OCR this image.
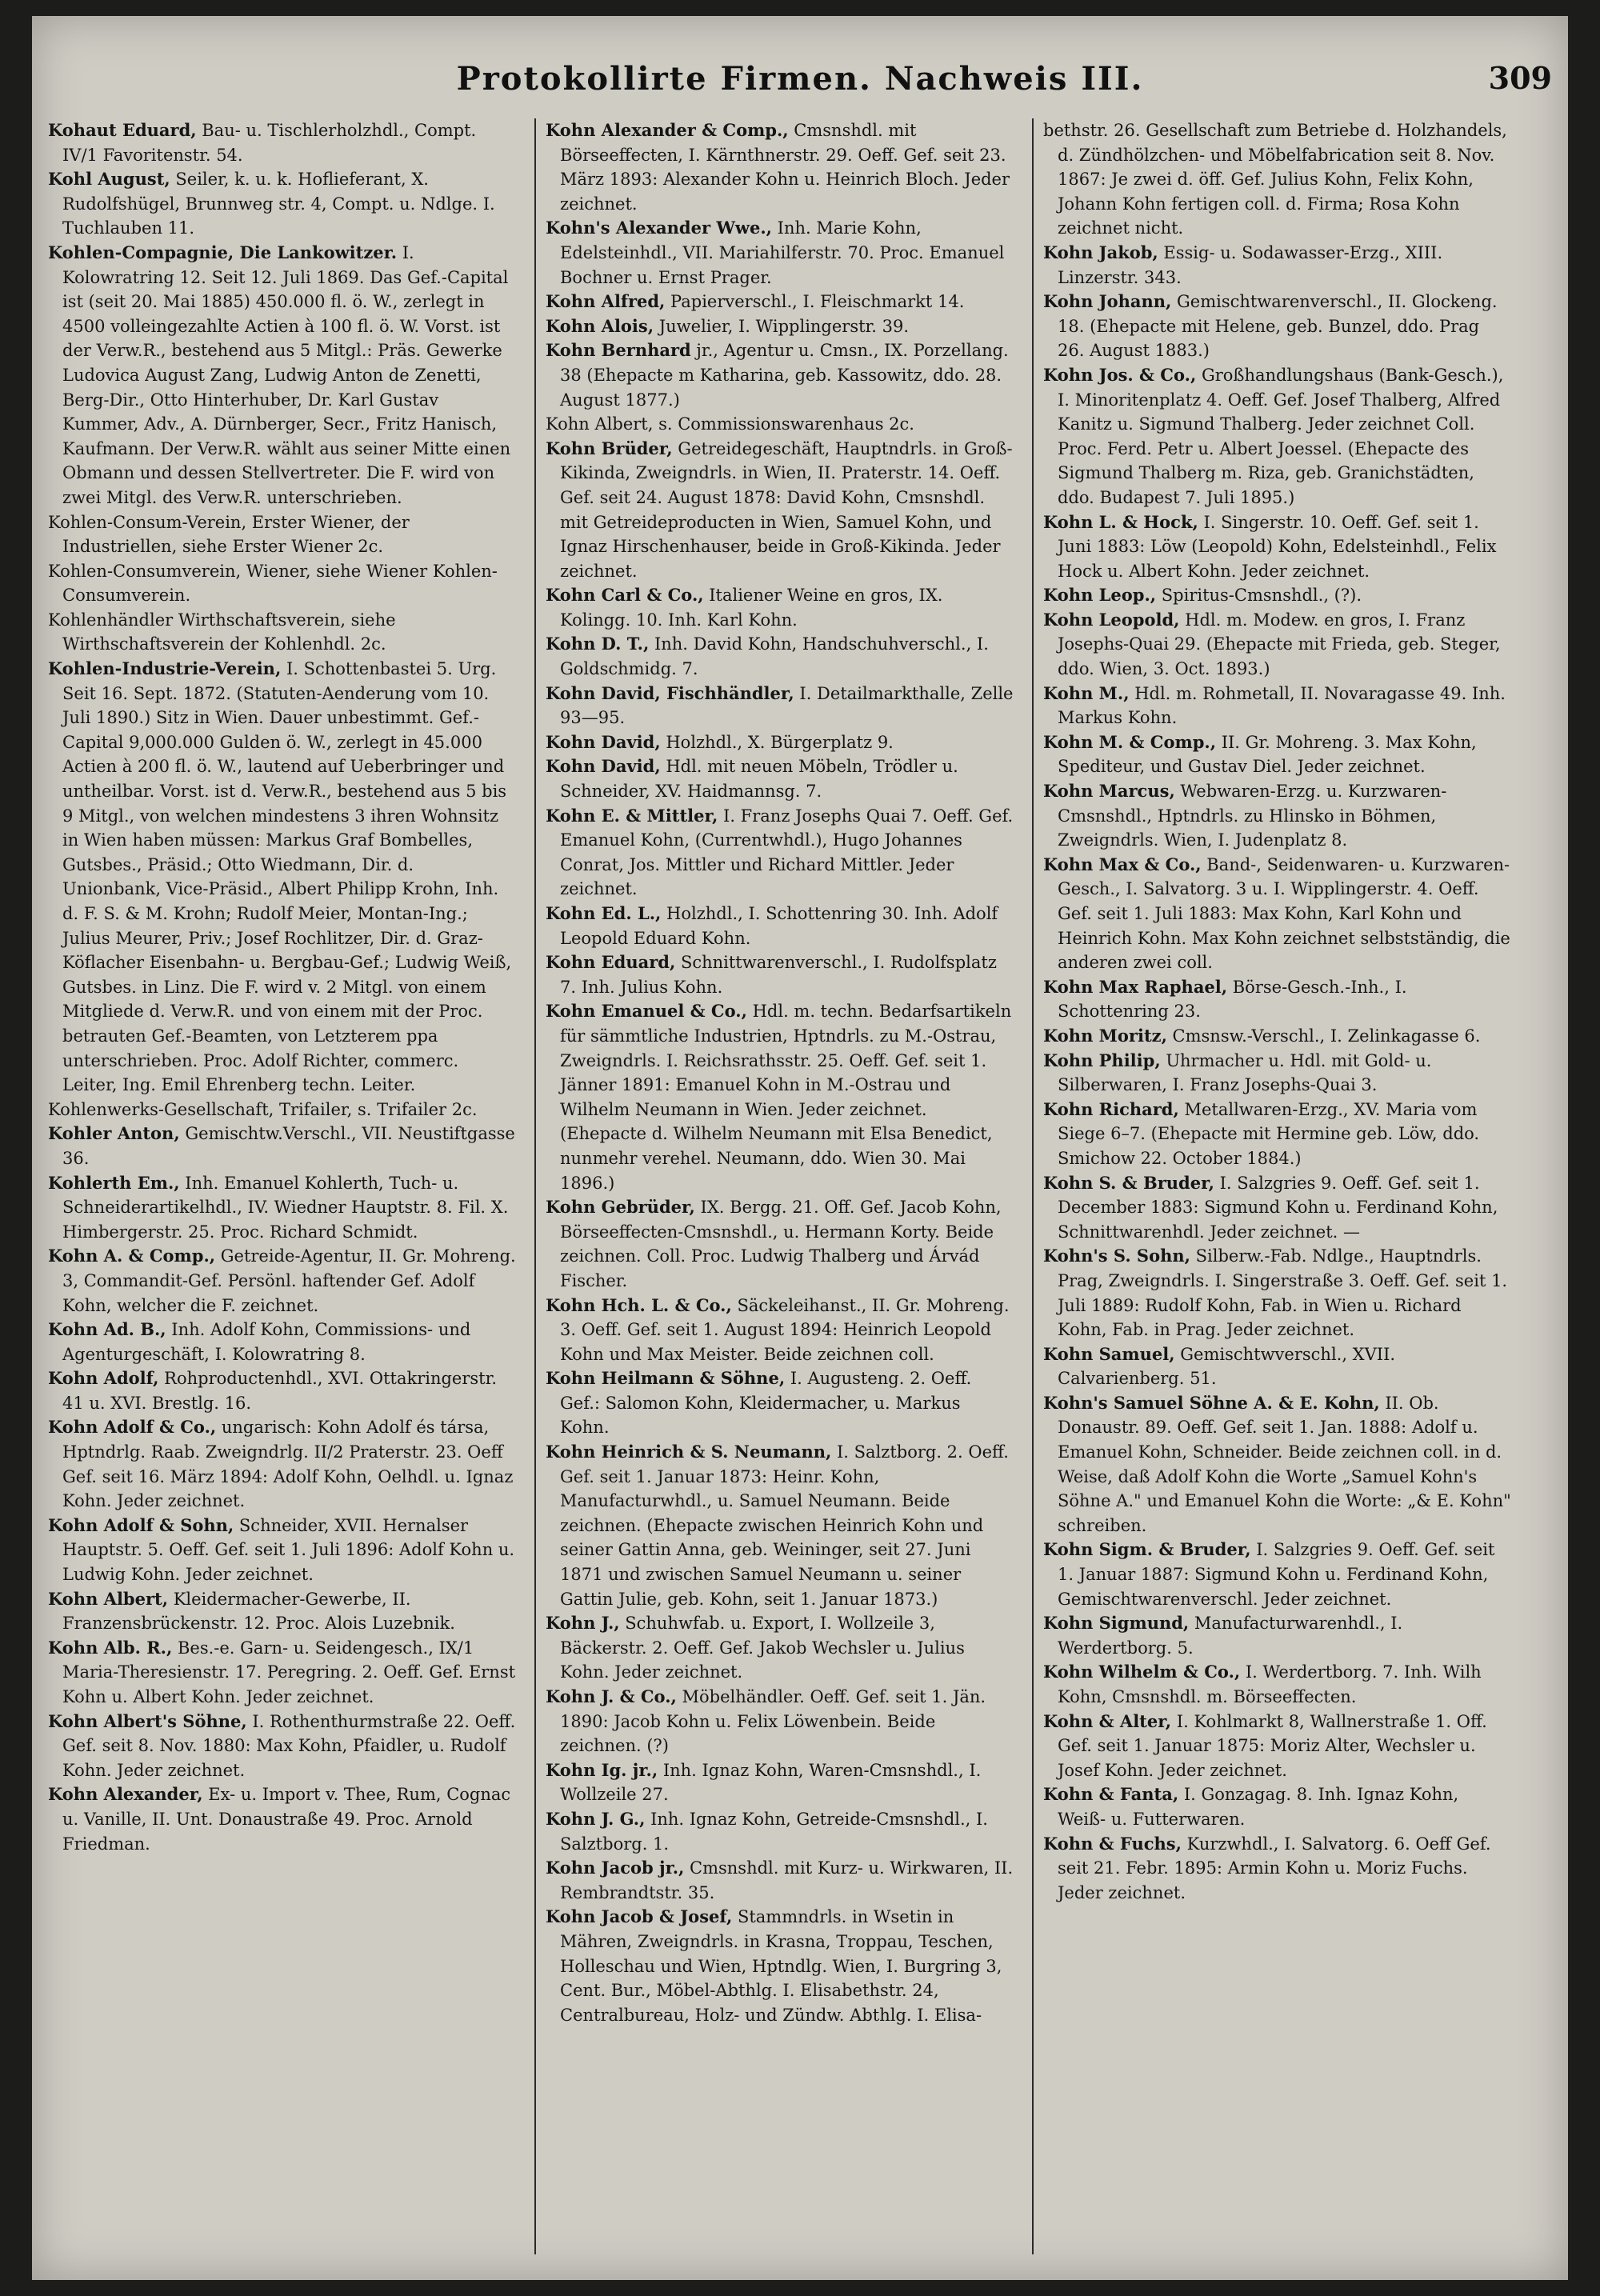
Protokollirte Firmen. Nachweis III.	309
Kohaut Eduard, Bau- u. Tischlerholzhdl., Compt. IV/1 Favoritenstr. 54.
Kohl August, Seiler, k. u. k. Hoflieferant, X. Rudolfshügel, Brunnweg str. 4, Compt. u. Ndlge. I. Tuchlauben 11.
Kohlen-Compagnie, Die Lankowitzer. I. Kolowratring 12. Seit 12. Juli 1869. Das Gef.-Capital ist (seit 20. Mai 1885) 450.000 fl. ö. W., zerlegt in 4500 volleingezahlte Actien à 100 fl. ö. W. Vorst. ist der Verw.R., bestehend aus 5 Mitgl.: Präs. Gewerke Ludovica August Zang, Ludwig Anton de Zenetti, Berg-Dir., Otto Hinterhuber, Dr. Karl Gustav Kummer, Adv., A. Dürnberger, Secr., Fritz Hanisch, Kaufmann. Der Verw.R. wählt aus seiner Mitte einen Obmann und dessen Stellvertreter. Die F. wird von zwei Mitgl. des Verw.R. unterschrieben.
Kohlen-Consum-Verein, Erster Wiener, der Industriellen, siehe Erster Wiener 2c.
Kohlen-Consumverein, Wiener, siehe Wiener Kohlen-Consumverein.
Kohlenhändler Wirthschaftsverein, siehe Wirthschaftsverein der Kohlenhdl. 2c.
Kohlen-Industrie-Verein, I. Schottenbastei 5. Urg. Seit 16. Sept. 1872. (Statuten-Aenderung vom 10. Juli 1890.) Sitz in Wien. Dauer unbestimmt. Gef.-Capital 9,000.000 Gulden ö. W., zerlegt in 45.000 Actien à 200 fl. ö. W., lautend auf Ueberbringer und untheilbar. Vorst. ist d. Verw.R., bestehend aus 5 bis 9 Mitgl., von welchen mindestens 3 ihren Wohnsitz in Wien haben müssen: Markus Graf Bombelles, Gutsbes., Präsid.; Otto Wiedmann, Dir. d. Unionbank, Vice-Präsid., Albert Philipp Krohn, Inh. d. F. S. & M. Krohn; Rudolf Meier, Montan-Ing.; Julius Meurer, Priv.; Josef Rochlitzer, Dir. d. Graz-Köflacher Eisenbahn- u. Bergbau-Gef.; Ludwig Weiß, Gutsbes. in Linz. Die F. wird v. 2 Mitgl. von einem Mitgliede d. Verw.R. und von einem mit der Proc. betrauten Gef.-Beamten, von Letzterem ppa unterschrieben. Proc. Adolf Richter, commerc. Leiter, Ing. Emil Ehrenberg techn. Leiter.
Kohlenwerks-Gesellschaft, Trifailer, s. Trifailer 2c.
Kohler Anton, Gemischtw.Verschl., VII. Neustiftgasse 36.
Kohlerth Em., Inh. Emanuel Kohlerth, Tuch- u. Schneiderartikelhdl., IV. Wiedner Hauptstr. 8. Fil. X. Himbergerstr. 25. Proc. Richard Schmidt.
Kohn A. & Comp., Getreide-Agentur, II. Gr. Mohreng. 3, Commandit-Gef. Persönl. haftender Gef. Adolf Kohn, welcher die F. zeichnet.
Kohn Ad. B., Inh. Adolf Kohn, Commissions- und Agenturgeschäft, I. Kolowratring 8.
Kohn Adolf, Rohproductenhdl., XVI. Ottakringerstr. 41 u. XVI. Brestlg. 16.
Kohn Adolf & Co., ungarisch: Kohn Adolf és társa, Hptndrlg. Raab. Zweigndrlg. II/2 Praterstr. 23. Oeff Gef. seit 16. März 1894: Adolf Kohn, Oelhdl. u. Ignaz Kohn. Jeder zeichnet.
Kohn Adolf & Sohn, Schneider, XVII. Hernalser Hauptstr. 5. Oeff. Gef. seit 1. Juli 1896: Adolf Kohn u. Ludwig Kohn. Jeder zeichnet.
Kohn Albert, Kleidermacher-Gewerbe, II. Franzensbrückenstr. 12. Proc. Alois Luzebnik.
Kohn Alb. R., Bes.-e. Garn- u. Seidengesch., IX/1 Maria-Theresienstr. 17. Peregring. 2. Oeff. Gef. Ernst Kohn u. Albert Kohn. Jeder zeichnet.
Kohn Albert's Söhne, I. Rothenthurmstraße 22. Oeff. Gef. seit 8. Nov. 1880: Max Kohn, Pfaidler, u. Rudolf Kohn. Jeder zeichnet.
Kohn Alexander, Ex- u. Import v. Thee, Rum, Cognac u. Vanille, II. Unt. Donaustraße 49. Proc. Arnold Friedman.
Kohn Alexander & Comp., Cmsnshdl. mit Börseeffecten, I. Kärnthnerstr. 29. Oeff. Gef. seit 23. März 1893: Alexander Kohn u. Heinrich Bloch. Jeder zeichnet.
Kohn's Alexander Wwe., Inh. Marie Kohn, Edelsteinhdl., VII. Mariahilferstr. 70. Proc. Emanuel Bochner u. Ernst Prager.
Kohn Alfred, Papierverschl., I. Fleischmarkt 14.
Kohn Alois, Juwelier, I. Wipplingerstr. 39.
Kohn Bernhard jr., Agentur u. Cmsn., IX. Porzellang. 38 (Ehepacte m Katharina, geb. Kassowitz, ddo. 28. August 1877.)
Kohn Albert, s. Commissionswarenhaus 2c.
Kohn Brüder, Getreidegeschäft, Hauptndrls. in Groß-Kikinda, Zweigndrls. in Wien, II. Praterstr. 14. Oeff. Gef. seit 24. August 1878: David Kohn, Cmsnshdl. mit Getreideproducten in Wien, Samuel Kohn, und Ignaz Hirschenhauser, beide in Groß-Kikinda. Jeder zeichnet.
Kohn Carl & Co., Italiener Weine en gros, IX. Kolingg. 10. Inh. Karl Kohn.
Kohn D. T., Inh. David Kohn, Handschuhverschl., I. Goldschmidg. 7.
Kohn David, Fischhändler, I. Detailmarkthalle, Zelle 93—95.
Kohn David, Holzhdl., X. Bürgerplatz 9.
Kohn David, Hdl. mit neuen Möbeln, Trödler u. Schneider, XV. Haidmannsg. 7.
Kohn E. & Mittler, I. Franz Josephs Quai 7. Oeff. Gef. Emanuel Kohn, (Currentwhdl.), Hugo Johannes Conrat, Jos. Mittler und Richard Mittler. Jeder zeichnet.
Kohn Ed. L., Holzhdl., I. Schottenring 30. Inh. Adolf Leopold Eduard Kohn.
Kohn Eduard, Schnittwarenverschl., I. Rudolfsplatz 7. Inh. Julius Kohn.
Kohn Emanuel & Co., Hdl. m. techn. Bedarfsartikeln für sämmtliche Industrien, Hptndrls. zu M.-Ostrau, Zweigndrls. I. Reichsrathsstr. 25. Oeff. Gef. seit 1. Jänner 1891: Emanuel Kohn in M.-Ostrau und Wilhelm Neumann in Wien. Jeder zeichnet. (Ehepacte d. Wilhelm Neumann mit Elsa Benedict, nunmehr verehel. Neumann, ddo. Wien 30. Mai 1896.)
Kohn Gebrüder, IX. Bergg. 21. Off. Gef. Jacob Kohn, Börseeffecten-Cmsnshdl., u. Hermann Korty. Beide zeichnen. Coll. Proc. Ludwig Thalberg und Árvád Fischer.
Kohn Hch. L. & Co., Säckeleihanst., II. Gr. Mohreng. 3. Oeff. Gef. seit 1. August 1894: Heinrich Leopold Kohn und Max Meister. Beide zeichnen coll.
Kohn Heilmann & Söhne, I. Augusteng. 2. Oeff. Gef.: Salomon Kohn, Kleidermacher, u. Markus Kohn.
Kohn Heinrich & S. Neumann, I. Salztborg. 2. Oeff. Gef. seit 1. Januar 1873: Heinr. Kohn, Manufacturwhdl., u. Samuel Neumann. Beide zeichnen. (Ehepacte zwischen Heinrich Kohn und seiner Gattin Anna, geb. Weininger, seit 27. Juni 1871 und zwischen Samuel Neumann u. seiner Gattin Julie, geb. Kohn, seit 1. Januar 1873.)
Kohn J., Schuhwfab. u. Export, I. Wollzeile 3, Bäckerstr. 2. Oeff. Gef. Jakob Wechsler u. Julius Kohn. Jeder zeichnet.
Kohn J. & Co., Möbelhändler. Oeff. Gef. seit 1. Jän. 1890: Jacob Kohn u. Felix Löwenbein. Beide zeichnen. (?)
Kohn Ig. jr., Inh. Ignaz Kohn, Waren-Cmsnshdl., I. Wollzeile 27.
Kohn J. G., Inh. Ignaz Kohn, Getreide-Cmsnshdl., I. Salztborg. 1.
Kohn Jacob jr., Cmsnshdl. mit Kurz- u. Wirkwaren, II. Rembrandtstr. 35.
Kohn Jacob & Josef, Stammndrls. in Wsetin in Mähren, Zweigndrls. in Krasna, Troppau, Teschen, Holleschau und Wien, Hptndlg. Wien, I. Burgring 3, Cent. Bur., Möbel-Abthlg. I. Elisabethstr. 24, Centralbureau, Holz- und Zündw. Abthlg. I. Elisa-
bethstr. 26. Gesellschaft zum Betriebe d. Holzhandels, d. Zündhölzchen- und Möbelfabrication seit 8. Nov. 1867: Je zwei d. öff. Gef. Julius Kohn, Felix Kohn, Johann Kohn fertigen coll. d. Firma; Rosa Kohn zeichnet nicht.
Kohn Jakob, Essig- u. Sodawasser-Erzg., XIII. Linzerstr. 343.
Kohn Johann, Gemischtwarenverschl., II. Glockeng. 18. (Ehepacte mit Helene, geb. Bunzel, ddo. Prag 26. August 1883.)
Kohn Jos. & Co., Großhandlungshaus (Bank-Gesch.), I. Minoritenplatz 4. Oeff. Gef. Josef Thalberg, Alfred Kanitz u. Sigmund Thalberg. Jeder zeichnet Coll. Proc. Ferd. Petr u. Albert Joessel. (Ehepacte des Sigmund Thalberg m. Riza, geb. Granichstädten, ddo. Budapest 7. Juli 1895.)
Kohn L. & Hock, I. Singerstr. 10. Oeff. Gef. seit 1. Juni 1883: Löw (Leopold) Kohn, Edelsteinhdl., Felix Hock u. Albert Kohn. Jeder zeichnet.
Kohn Leop., Spiritus-Cmsnshdl., (?).
Kohn Leopold, Hdl. m. Modew. en gros, I. Franz Josephs-Quai 29. (Ehepacte mit Frieda, geb. Steger, ddo. Wien, 3. Oct. 1893.)
Kohn M., Hdl. m. Rohmetall, II. Novaragasse 49. Inh. Markus Kohn.
Kohn M. & Comp., II. Gr. Mohreng. 3. Max Kohn, Spediteur, und Gustav Diel. Jeder zeichnet.
Kohn Marcus, Webwaren-Erzg. u. Kurzwaren-Cmsnshdl., Hptndrls. zu Hlinsko in Böhmen, Zweigndrls. Wien, I. Judenplatz 8.
Kohn Max & Co., Band-, Seidenwaren- u. Kurzwaren-Gesch., I. Salvatorg. 3 u. I. Wipplingerstr. 4. Oeff. Gef. seit 1. Juli 1883: Max Kohn, Karl Kohn und Heinrich Kohn. Max Kohn zeichnet selbstständig, die anderen zwei coll.
Kohn Max Raphael, Börse-Gesch.-Inh., I. Schottenring 23.
Kohn Moritz, Cmsnsw.-Verschl., I. Zelinkagasse 6.
Kohn Philip, Uhrmacher u. Hdl. mit Gold- u. Silberwaren, I. Franz Josephs-Quai 3.
Kohn Richard, Metallwaren-Erzg., XV. Maria vom Siege 6–7. (Ehepacte mit Hermine geb. Löw, ddo. Smichow 22. October 1884.)
Kohn S. & Bruder, I. Salzgries 9. Oeff. Gef. seit 1. December 1883: Sigmund Kohn u. Ferdinand Kohn, Schnittwarenhdl. Jeder zeichnet. —
Kohn's S. Sohn, Silberw.-Fab. Ndlge., Hauptndrls. Prag, Zweigndrls. I. Singerstraße 3. Oeff. Gef. seit 1. Juli 1889: Rudolf Kohn, Fab. in Wien u. Richard Kohn, Fab. in Prag. Jeder zeichnet.
Kohn Samuel, Gemischtwverschl., XVII. Calvarienberg. 51.
Kohn's Samuel Söhne A. & E. Kohn, II. Ob. Donaustr. 89. Oeff. Gef. seit 1. Jan. 1888: Adolf u. Emanuel Kohn, Schneider. Beide zeichnen coll. in d. Weise, daß Adolf Kohn die Worte „Samuel Kohn's Söhne A." und Emanuel Kohn die Worte: „& E. Kohn" schreiben.
Kohn Sigm. & Bruder, I. Salzgries 9. Oeff. Gef. seit 1. Januar 1887: Sigmund Kohn u. Ferdinand Kohn, Gemischtwarenverschl. Jeder zeichnet.
Kohn Sigmund, Manufacturwarenhdl., I. Werdertborg. 5.
Kohn Wilhelm & Co., I. Werdertborg. 7. Inh. Wilh Kohn, Cmsnshdl. m. Börseeffecten.
Kohn & Alter, I. Kohlmarkt 8, Wallnerstraße 1. Off. Gef. seit 1. Januar 1875: Moriz Alter, Wechsler u. Josef Kohn. Jeder zeichnet.
Kohn & Fanta, I. Gonzagag. 8. Inh. Ignaz Kohn, Weiß- u. Futterwaren.
Kohn & Fuchs, Kurzwhdl., I. Salvatorg. 6. Oeff Gef. seit 21. Febr. 1895: Armin Kohn u. Moriz Fuchs. Jeder zeichnet.
